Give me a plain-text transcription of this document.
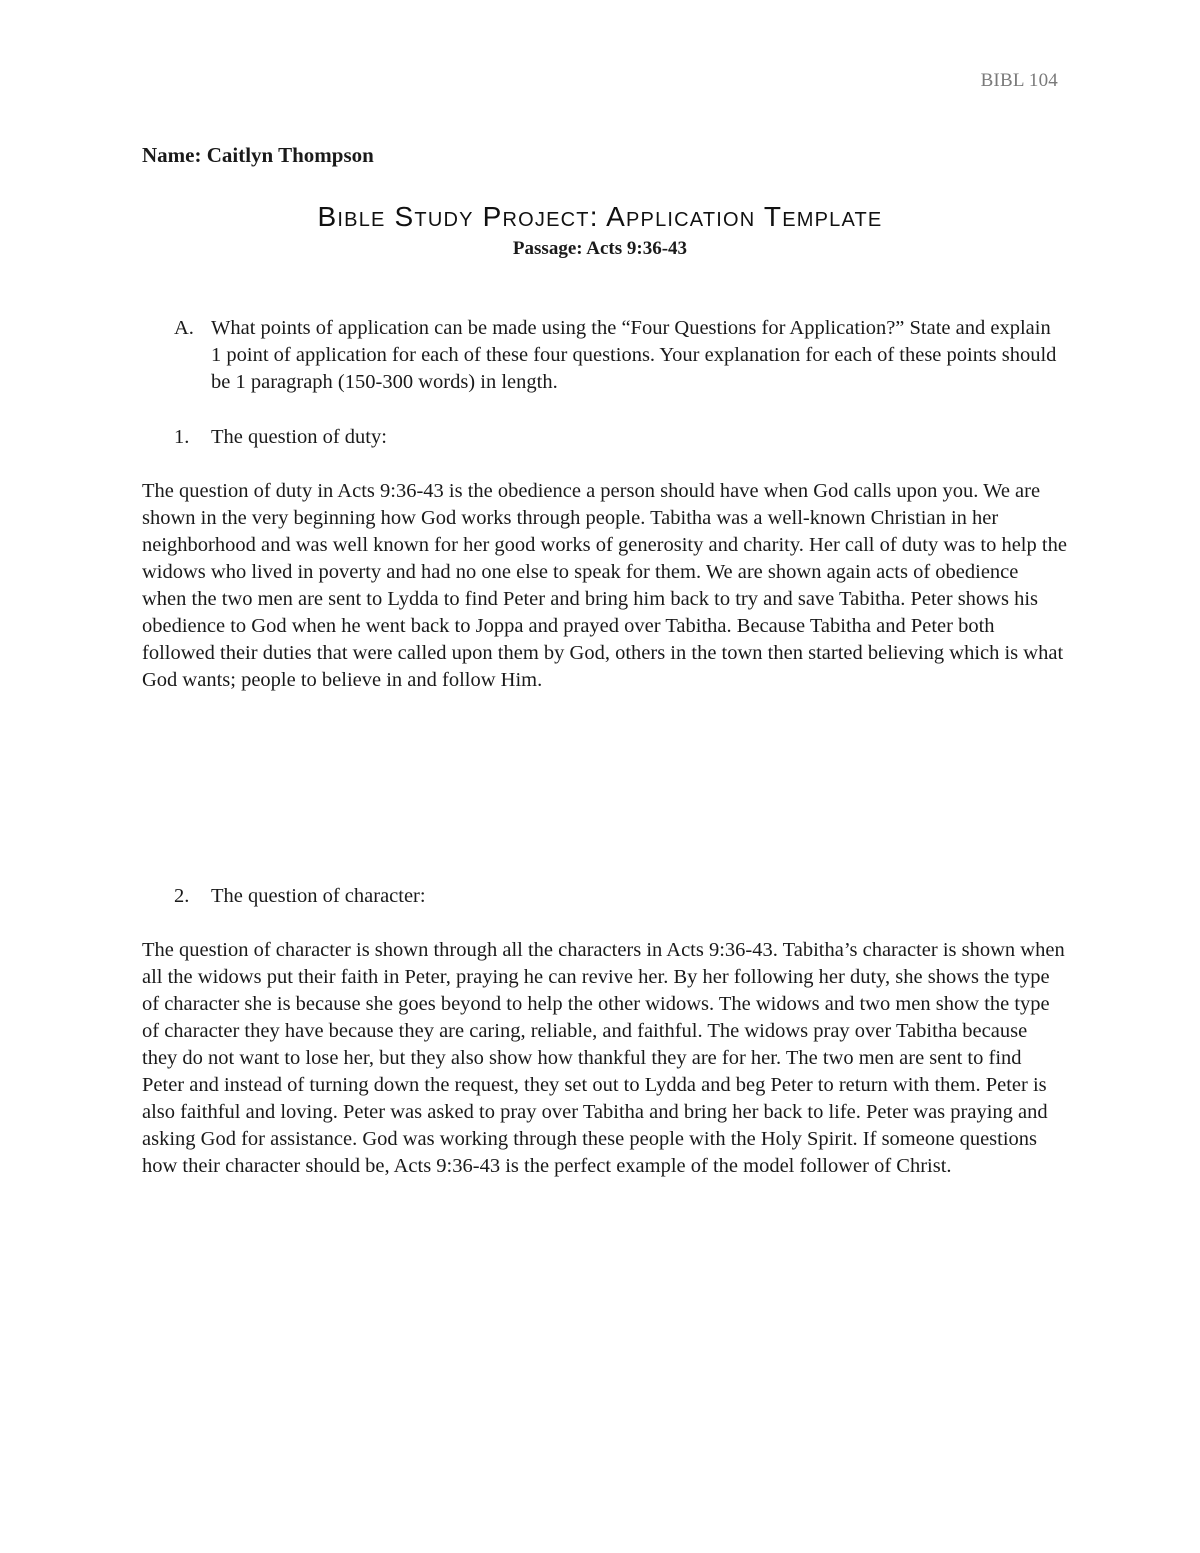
BIBL 104
Name: Caitlyn Thompson
Bible Study Project: Application Template
Passage: Acts 9:36-43
A. What points of application can be made using the “Four Questions for Application?” State and explain 1 point of application for each of these four questions. Your explanation for each of these points should be 1 paragraph (150-300 words) in length.
1. The question of duty:

The question of duty in Acts 9:36-43 is the obedience a person should have when God calls upon you. We are shown in the very beginning how God works through people. Tabitha was a well-known Christian in her neighborhood and was well known for her good works of generosity and charity. Her call of duty was to help the widows who lived in poverty and had no one else to speak for them. We are shown again acts of obedience when the two men are sent to Lydda to find Peter and bring him back to try and save Tabitha. Peter shows his obedience to God when he went back to Joppa and prayed over Tabitha. Because Tabitha and Peter both followed their duties that were called upon them by God, others in the town then started believing which is what God wants; people to believe in and follow Him.

2. The question of character:

The question of character is shown through all the characters in Acts 9:36-43. Tabitha’s character is shown when all the widows put their faith in Peter, praying he can revive her. By her following her duty, she shows the type of character she is because she goes beyond to help the other widows. The widows and two men show the type of character they have because they are caring, reliable, and faithful. The widows pray over Tabitha because they do not want to lose her, but they also show how thankful they are for her. The two men are sent to find Peter and instead of turning down the request, they set out to Lydda and beg Peter to return with them. Peter is also faithful and loving. Peter was asked to pray over Tabitha and bring her back to life. Peter was praying and asking God for assistance. God was working through these people with the Holy Spirit. If someone questions how their character should be, Acts 9:36-43 is the perfect example of the model follower of Christ.
